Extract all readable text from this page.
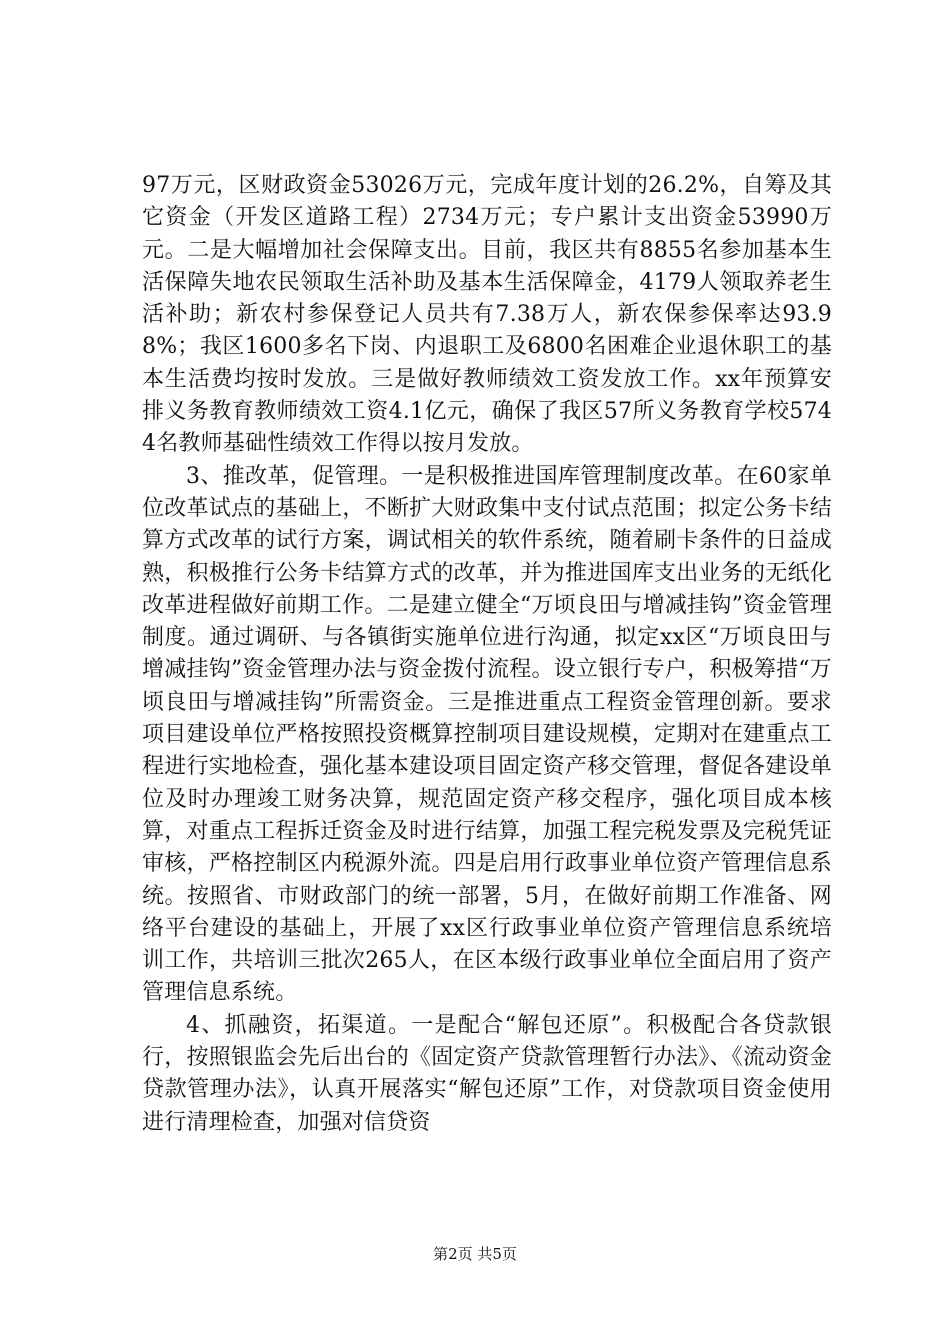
97万元，区财政资金53026万元，完成年度计划的26.2%，自筹及其它资金（开发区道路工程）2734万元；专户累计支出资金53990万元。二是大幅增加社会保障支出。目前，我区共有8855名参加基本生活保障失地农民领取生活补助及基本生活保障金，4179人领取养老生活补助；新农村参保登记人员共有7.38万人，新农保参保率达93.98%；我区1600多名下岗、内退职工及6800名困难企业退休职工的基本生活费均按时发放。三是做好教师绩效工资发放工作。xx年预算安排义务教育教师绩效工资4.1亿元，确保了我区57所义务教育学校5744名教师基础性绩效工作得以按月发放。

3、推改革，促管理。一是积极推进国库管理制度改革。在60家单位改革试点的基础上，不断扩大财政集中支付试点范围；拟定公务卡结算方式改革的试行方案，调试相关的软件系统，随着刷卡条件的日益成熟，积极推行公务卡结算方式的改革，并为推进国库支出业务的无纸化改革进程做好前期工作。二是建立健全“万顷良田与增减挂钩”资金管理制度。通过调研、与各镇街实施单位进行沟通，拟定xx区“万顷良田与增减挂钩”资金管理办法与资金拨付流程。设立银行专户，积极筹措“万顷良田与增减挂钩”所需资金。三是推进重点工程资金管理创新。要求项目建设单位严格按照投资概算控制项目建设规模，定期对在建重点工程进行实地检查，强化基本建设项目固定资产移交管理，督促各建设单位及时办理竣工财务决算，规范固定资产移交程序，强化项目成本核算，对重点工程拆迁资金及时进行结算，加强工程完税发票及完税凭证审核，严格控制区内税源外流。四是启用行政事业单位资产管理信息系统。按照省、市财政部门的统一部署，5月，在做好前期工作准备、网络平台建设的基础上，开展了xx区行政事业单位资产管理信息系统培训工作，共培训三批次265人，在区本级行政事业单位全面启用了资产管理信息系统。

4、抓融资，拓渠道。一是配合“解包还原”。积极配合各贷款银行，按照银监会先后出台的《固定资产贷款管理暂行办法》、《流动资金贷款管理办法》，认真开展落实“解包还原”工作，对贷款项目资金使用进行清理检查，加强对信贷资

第2页 共5页
